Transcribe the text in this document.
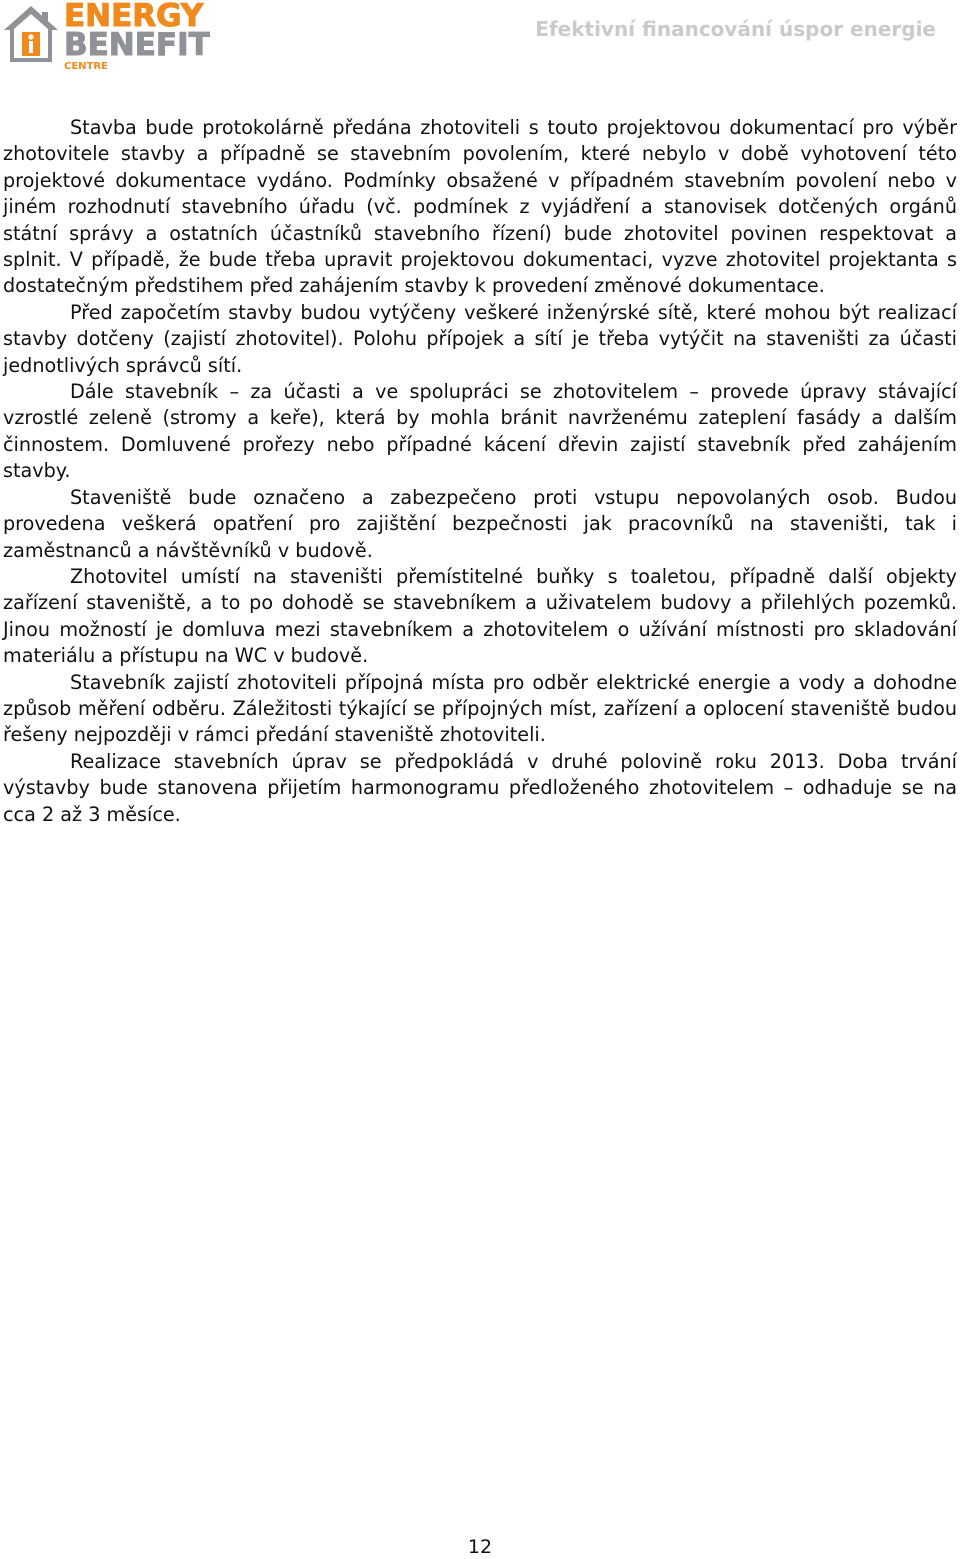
ENERGY
BENEFIT
CENTRE
Efektivní financování úspor energie

Stavba bude protokolárně předána zhotoviteli s touto projektovou dokumentací pro výběr zhotovitele stavby a případně se stavebním povolením, které nebylo v době vyhotovení této projektové dokumentace vydáno. Podmínky obsažené v případném stavebním povolení nebo v jiném rozhodnutí stavebního úřadu (vč. podmínek z vyjádření a stanovisek dotčených orgánů státní správy a ostatních účastníků stavebního řízení) bude zhotovitel povinen respektovat a splnit. V případě, že bude třeba upravit projektovou dokumentaci, vyzve zhotovitel projektanta s dostatečným předstihem před zahájením stavby k provedení změnové dokumentace.

Před započetím stavby budou vytýčeny veškeré inženýrské sítě, které mohou být realizací stavby dotčeny (zajistí zhotovitel). Polohu přípojek a sítí je třeba vytýčit na staveništi za účasti jednotlivých správců sítí.

Dále stavebník – za účasti a ve spolupráci se zhotovitelem – provede úpravy stávající vzrostlé zeleně (stromy a keře), která by mohla bránit navrženému zateplení fasády a dalším činnostem. Domluvené prořezy nebo případné kácení dřevin zajistí stavebník před zahájením stavby.

Staveniště bude označeno a zabezpečeno proti vstupu nepovolaných osob. Budou provedena veškerá opatření pro zajištění bezpečnosti jak pracovníků na staveništi, tak i zaměstnanců a návštěvníků v budově.

Zhotovitel umístí na staveništi přemístitelné buňky s toaletou, případně další objekty zařízení staveniště, a to po dohodě se stavebníkem a uživatelem budovy a přilehlých pozemků. Jinou možností je domluva mezi stavebníkem a zhotovitelem o užívání místnosti pro skladování materiálu a přístupu na WC v budově.

Stavebník zajistí zhotoviteli přípojná místa pro odběr elektrické energie a vody a dohodne způsob měření odběru. Záležitosti týkající se přípojných míst, zařízení a oplocení staveniště budou řešeny nejpozději v rámci předání staveniště zhotoviteli.

Realizace stavebních úprav se předpokládá v druhé polovině roku 2013. Doba trvání výstavby bude stanovena přijetím harmonogramu předloženého zhotovitelem – odhaduje se na cca 2 až 3 měsíce.

12
